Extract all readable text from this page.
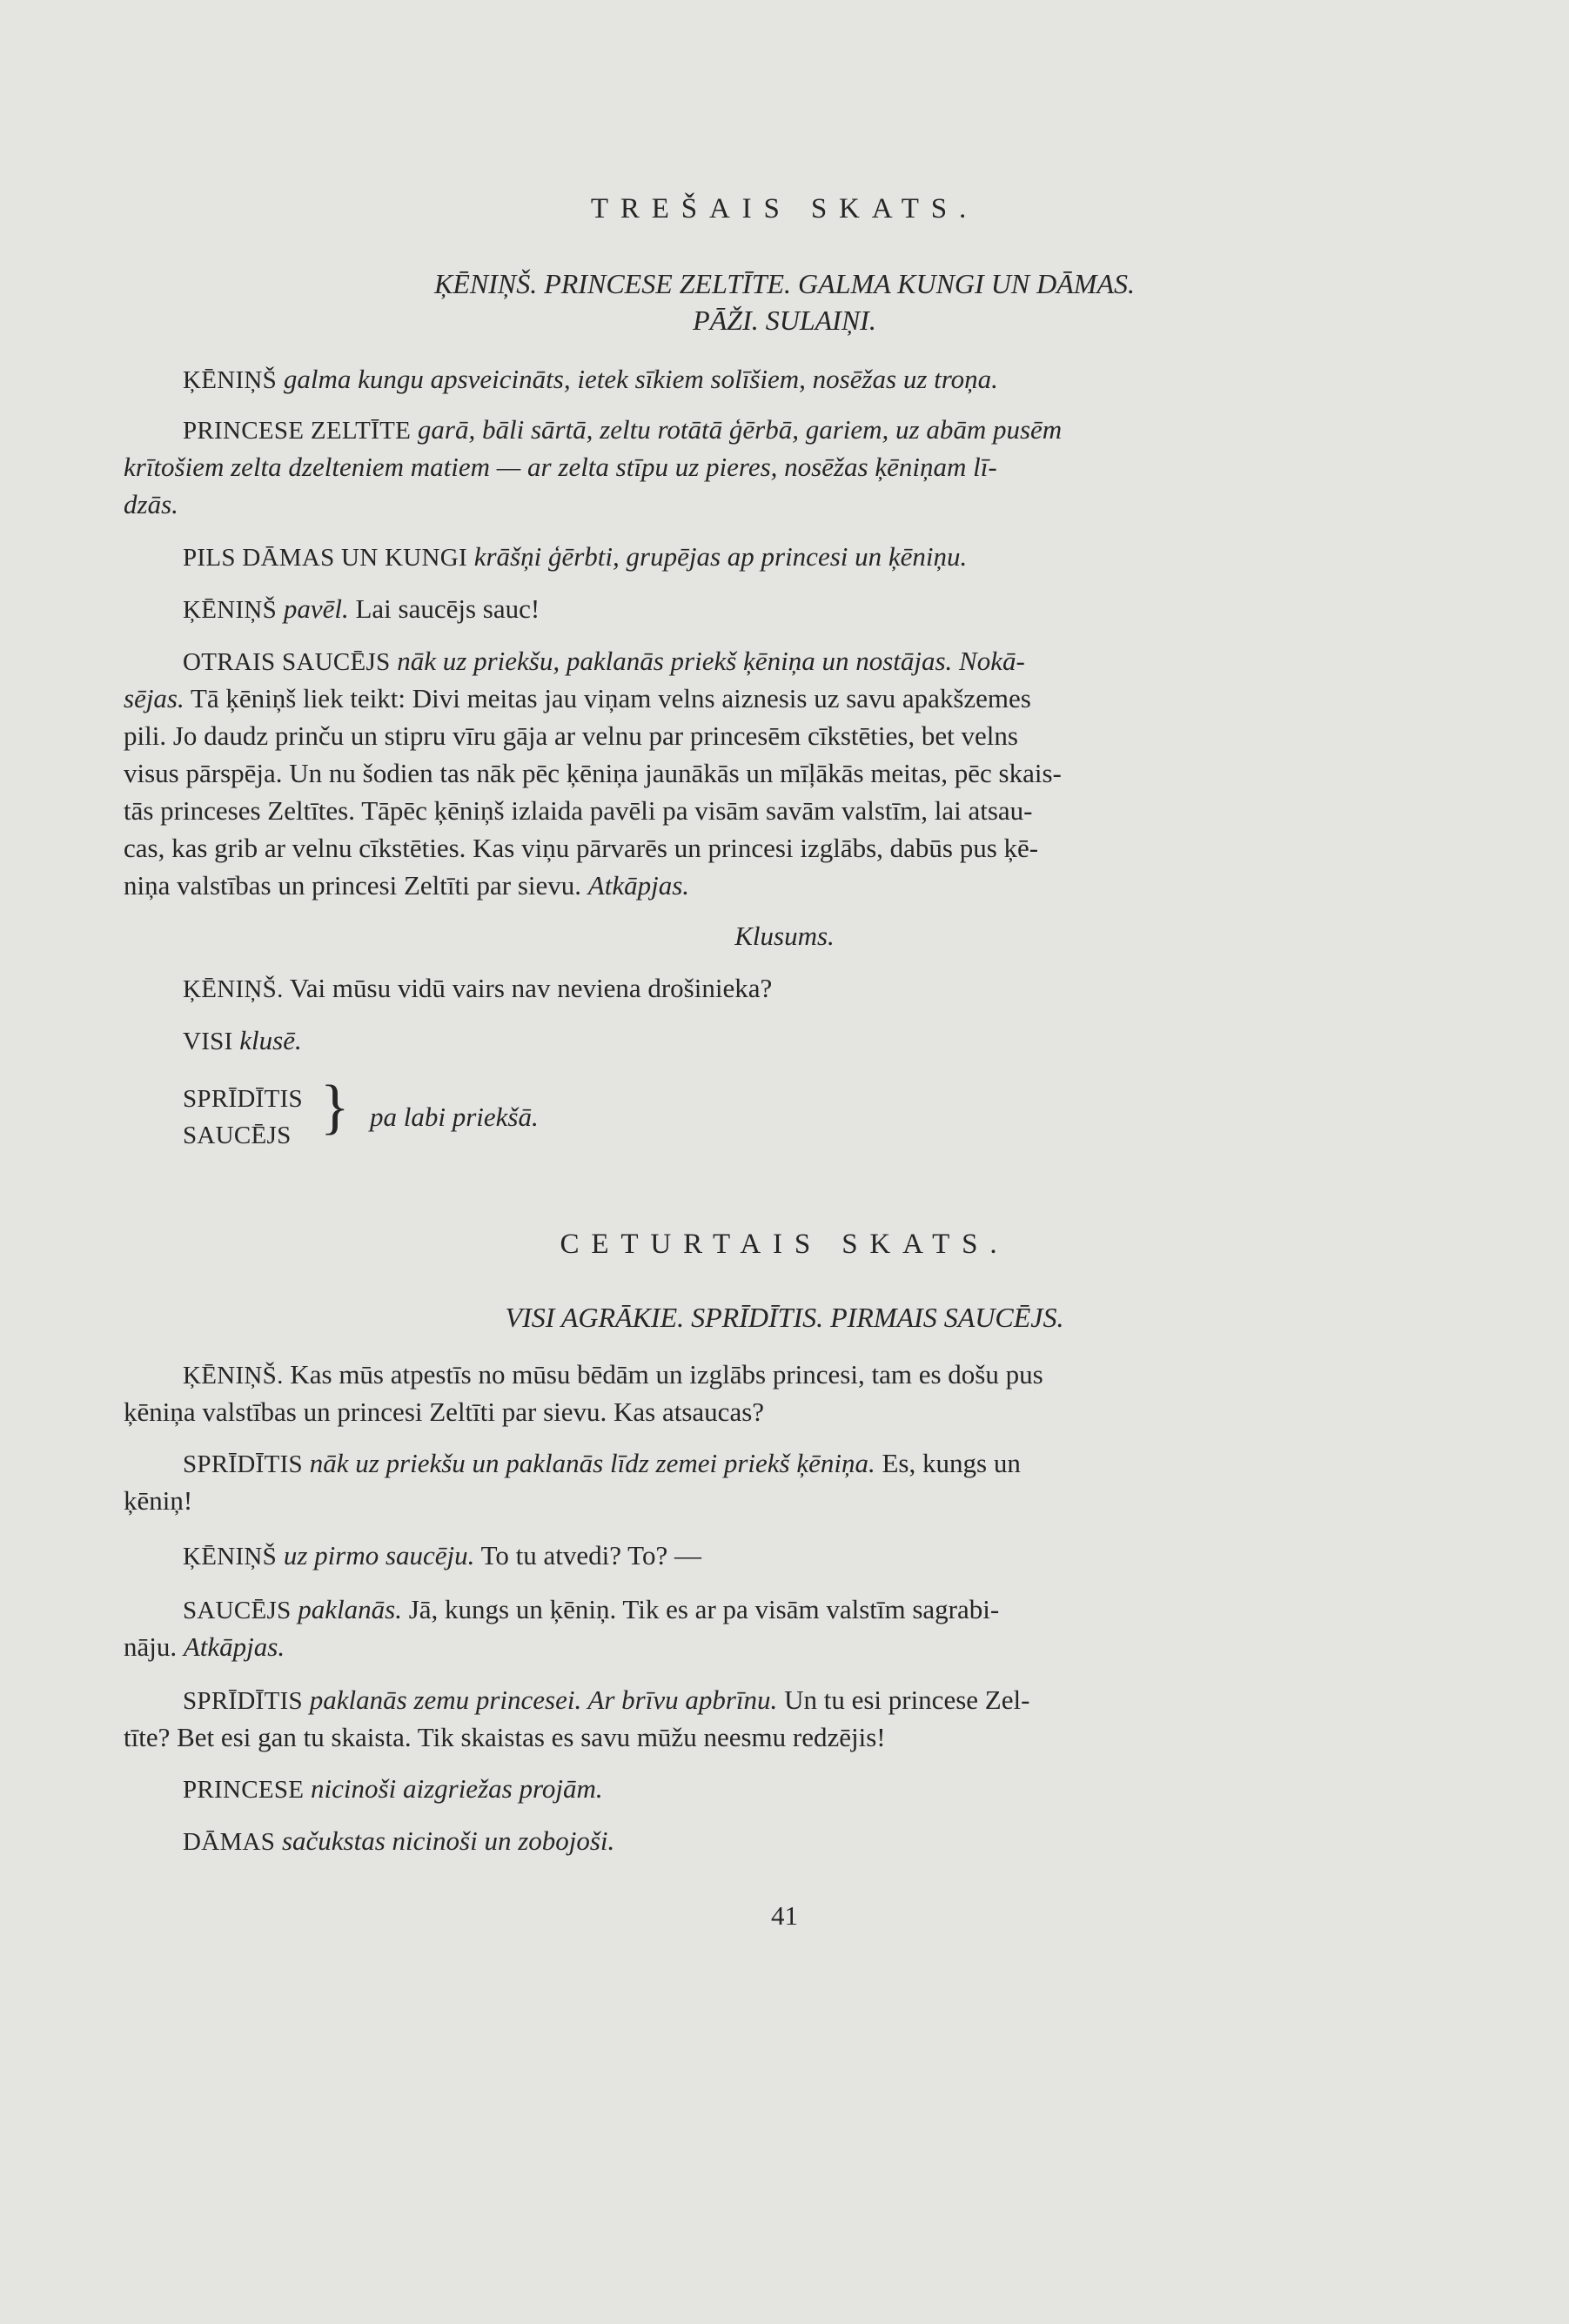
TREŠAIS SKATS.
ĶĒNIŅŠ. PRINCESE ZELTĪTE. GALMA KUNGI UN DĀMAS.
PĀŽI. SULAIŅI.
ĶĒNIŅŠ galma kungu apsveicināts, ietek sīkiem solīšiem, nosēžas uz troņa.
PRINCESE ZELTĪTE garā, bāli sārtā, zeltu rotātā ģērbā, gariem, uz abām pusēm
krītošiem zelta dzelteniem matiem — ar zelta stīpu uz pieres, nosēžas ķēniņam lī-
dzās.
PILS DĀMAS UN KUNGI krāšņi ģērbti, grupējas ap princesi un ķēniņu.
ĶĒNIŅŠ pavēl. Lai saucējs sauc!
OTRAIS SAUCĒJS nāk uz priekšu, paklanās priekš ķēniņa un nostājas. Nokā-
sējas. Tā ķēniņš liek teikt: Divi meitas jau viņam velns aiznesis uz savu apakšzemes
pili. Jo daudz prinču un stipru vīru gāja ar velnu par princesēm cīkstēties, bet velns
visus pārspēja. Un nu šodien tas nāk pēc ķēniņa jaunākās un mīļākās meitas, pēc skais-
tās princeses Zeltītes. Tāpēc ķēniņš izlaida pavēli pa visām savām valstīm, lai atsau-
cas, kas grib ar velnu cīkstēties. Kas viņu pārvarēs un princesi izglābs, dabūs pus ķē-
niņa valstības un princesi Zeltīti par sievu. Atkāpjas.
Klusums.
ĶĒNIŅŠ. Vai mūsu vidū vairs nav neviena drošinieka?
VISI klusē.
SPRĪDĪTIS
SAUCĒJS } pa labi priekšā.
CETURTAIS SKATS.
VISI AGRĀKIE. SPRĪDĪTIS. PIRMAIS SAUCĒJS.
ĶĒNIŅŠ. Kas mūs atpestīs no mūsu bēdām un izglābs princesi, tam es došu pus
ķēniņa valstības un princesi Zeltīti par sievu. Kas atsaucas?
SPRĪDĪTIS nāk uz priekšu un paklanās līdz zemei priekš ķēniņa. Es, kungs un
ķēniņ!
ĶĒNIŅŠ uz pirmo saucēju. To tu atvedi? To? —
SAUCĒJS paklanās. Jā, kungs un ķēniņ. Tik es ar pa visām valstīm sagrabi-
nāju. Atkāpjas.
SPRĪDĪTIS paklanās zemu princesei. Ar brīvu apbrīnu. Un tu esi princese Zel-
tīte? Bet esi gan tu skaista. Tik skaistas es savu mūžu neesmu redzējis!
PRINCESE nicinoši aizgriežas projām.
DĀMAS sačukstas nicinoši un zobojoši.
41
